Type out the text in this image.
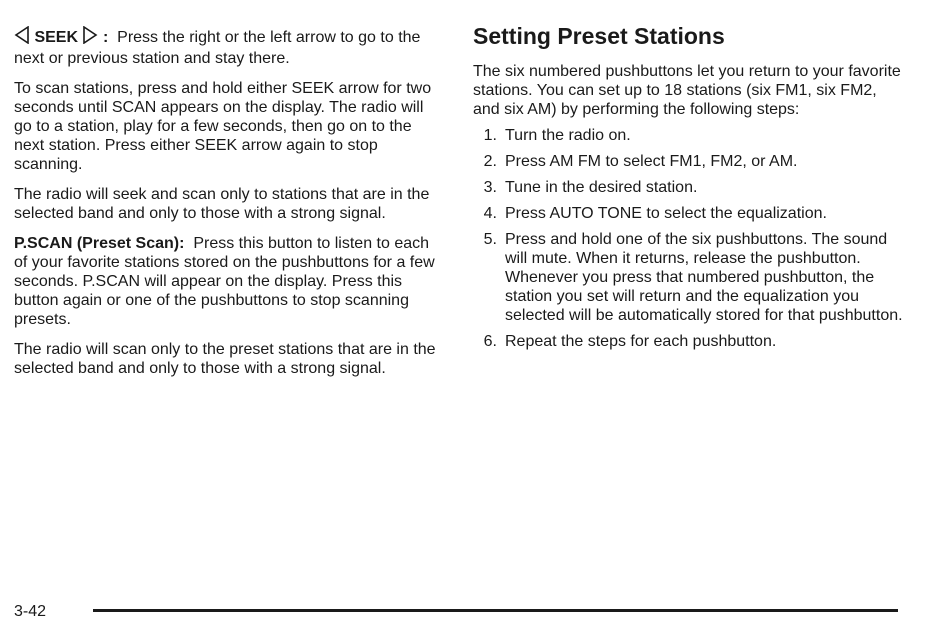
SEEK : Press the right or the left arrow to go to the next or previous station and stay there.

To scan stations, press and hold either SEEK arrow for two seconds until SCAN appears on the display. The radio will go to a station, play for a few seconds, then go on to the next station. Press either SEEK arrow again to stop scanning.

The radio will seek and scan only to stations that are in the selected band and only to those with a strong signal.

P.SCAN (Preset Scan): Press this button to listen to each of your favorite stations stored on the pushbuttons for a few seconds. P.SCAN will appear on the display. Press this button again or one of the pushbuttons to stop scanning presets.

The radio will scan only to the preset stations that are in the selected band and only to those with a strong signal.

Setting Preset Stations

The six numbered pushbuttons let you return to your favorite stations. You can set up to 18 stations (six FM1, six FM2, and six AM) by performing the following steps:

1. Turn the radio on.
2. Press AM FM to select FM1, FM2, or AM.
3. Tune in the desired station.
4. Press AUTO TONE to select the equalization.
5. Press and hold one of the six pushbuttons. The sound will mute. When it returns, release the pushbutton. Whenever you press that numbered pushbutton, the station you set will return and the equalization you selected will be automatically stored for that pushbutton.
6. Repeat the steps for each pushbutton.
3-42
